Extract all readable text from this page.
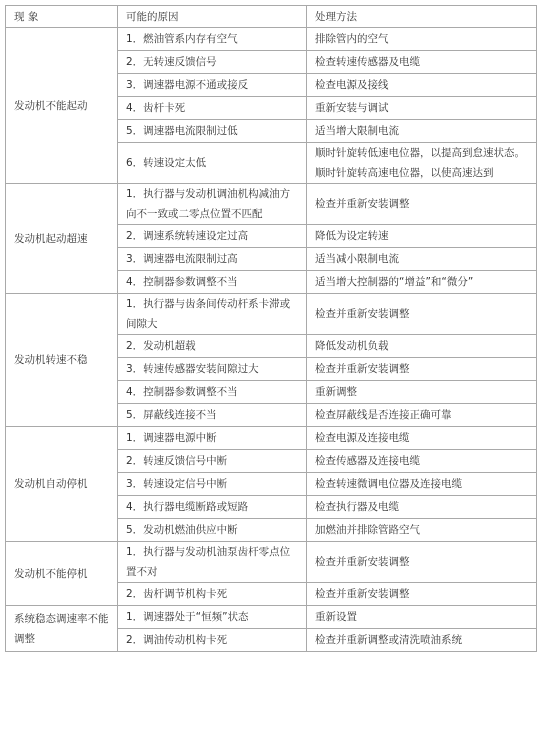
现 象	可能的原因	处理方法
发动机不能起动	1．燃油管系内存有空气	排除管内的空气
	2．无转速反馈信号	检查转速传感器及电缆
	3．调速器电源不通或接反	检查电源及接线
	4．齿杆卡死	重新安装与调试
	5．调速器电流限制过低	适当增大限制电流
	6．转速设定太低	顺时针旋转低速电位器，以提高到怠速状态。顺时针旋转高速电位器，以使高速达到
发动机起动超速	1．执行器与发动机调油机构减油方
向不一致或二零点位置不匹配	检查并重新安装调整
	2．调速系统转速设定过高	降低为设定转速
	3．调速器电流限制过高	适当减小限制电流
	4．控制器参数调整不当	适当增大控制器的“增益”和“微分”
发动机转速不稳	1．执行器与齿条间传动杆系卡滞或
间隙大	检查并重新安装调整
	2．发动机超载	降低发动机负载
	3．转速传感器安装间隙过大	检查并重新安装调整
	4．控制器参数调整不当	重新调整
	5．屏蔽线连接不当	检查屏蔽线是否连接正确可靠
发动机自动停机	1．调速器电源中断	检查电源及连接电缆
	2．转速反馈信号中断	检查传感器及连接电缆
	3．转速设定信号中断	检查转速微调电位器及连接电缆
	4．执行器电缆断路或短路	检查执行器及电缆
	5．发动机燃油供应中断	加燃油并排除管路空气
发动机不能停机	1．执行器与发动机油泵齿杆零点位
置不对	检查并重新安装调整
	2．齿杆调节机构卡死	检查并重新安装调整
系统稳态调速率不能调整	1．调速器处于“恒频”状态	重新设置
	2．调油传动机构卡死	检查并重新调整或清洗喷油系统
